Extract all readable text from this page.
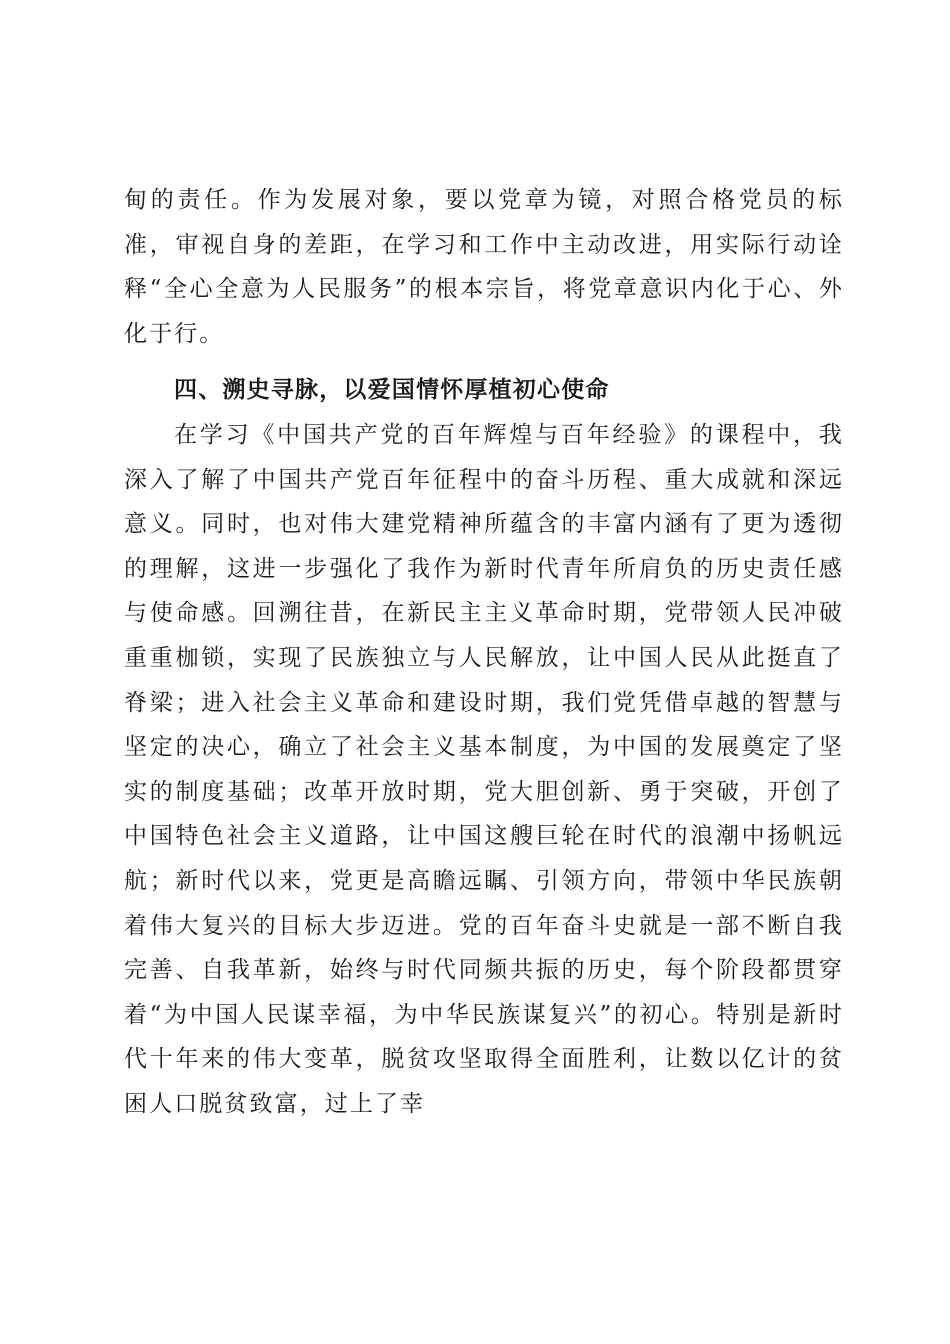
甸的责任。作为发展对象，要以党章为镜，对照合格党员的标准，审视自身的差距，在学习和工作中主动改进，用实际行动诠释“全心全意为人民服务”的根本宗旨，将党章意识内化于心、外化于行。

四、溯史寻脉，以爱国情怀厚植初心使命

在学习《中国共产党的百年辉煌与百年经验》的课程中，我深入了解了中国共产党百年征程中的奋斗历程、重大成就和深远意义。同时，也对伟大建党精神所蕴含的丰富内涵有了更为透彻的理解，这进一步强化了我作为新时代青年所肩负的历史责任感与使命感。回溯往昔，在新民主主义革命时期，党带领人民冲破重重枷锁，实现了民族独立与人民解放，让中国人民从此挺直了脊梁；进入社会主义革命和建设时期，我们党凭借卓越的智慧与坚定的决心，确立了社会主义基本制度，为中国的发展奠定了坚实的制度基础；改革开放时期，党大胆创新、勇于突破，开创了中国特色社会主义道路，让中国这艘巨轮在时代的浪潮中扬帆远航；新时代以来，党更是高瞻远瞩、引领方向，带领中华民族朝着伟大复兴的目标大步迈进。党的百年奋斗史就是一部不断自我完善、自我革新，始终与时代同频共振的历史，每个阶段都贯穿着“为中国人民谋幸福，为中华民族谋复兴”的初心。特别是新时代十年来的伟大变革，脱贫攻坚取得全面胜利，让数以亿计的贫困人口脱贫致富，过上了幸
